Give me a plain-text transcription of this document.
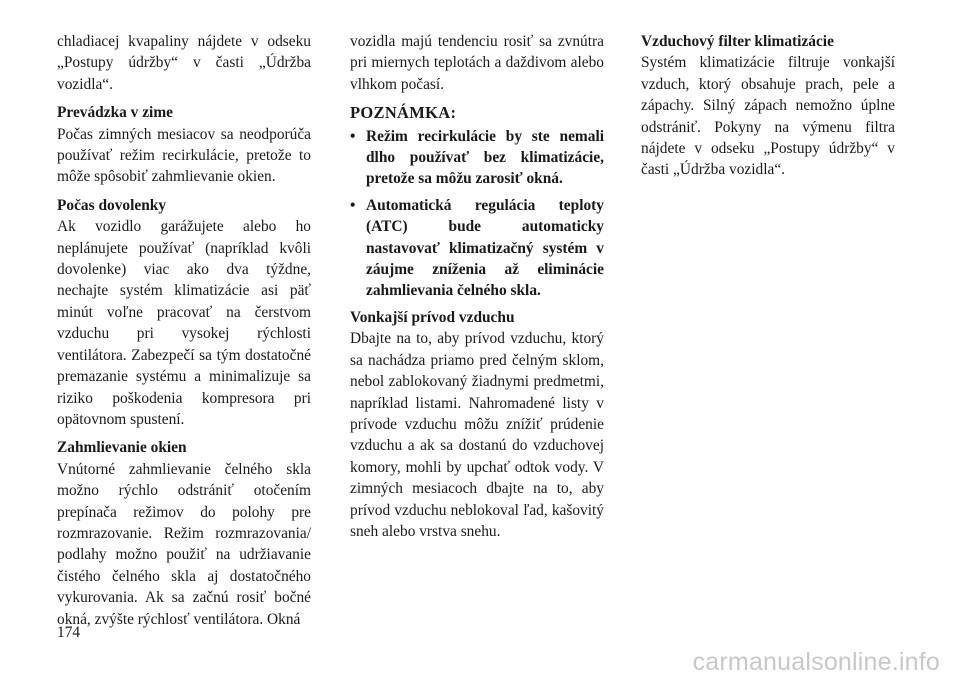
chladiacej kvapaliny nájdete v odseku „Postupy údržby“ v časti „Údržba vozidla“.

Prevádzka v zime
Počas zimných mesiacov sa neodporúča používať režim recirkulácie, pretože to môže spôsobiť zahmlievanie okien.

Počas dovolenky
Ak vozidlo garážujete alebo ho neplánujete používať (napríklad kvôli dovolenke) viac ako dva týždne, nechajte systém klimatizácie asi päť minút voľne pracovať na čerstvom vzduchu pri vysokej rýchlosti ventilátora. Zabezpečí sa tým dostatočné premazanie systému a minimalizuje sa riziko poškodenia kompresora pri opätovnom spustení.

Zahmlievanie okien
Vnútorné zahmlievanie čelného skla možno rýchlo odstrániť otočením prepínača režimov do polohy pre rozmrazovanie. Režim rozmrazovania/ podlahy možno použiť na udržiavanie čistého čelného skla aj dostatočného vykurovania. Ak sa začnú rosiť bočné okná, zvýšte rýchlosť ventilátora. Okná

vozidla majú tendenciu rosiť sa zvnútra pri miernych teplotách a daždivom alebo vlhkom počasí.

POZNÁMKA:
• Režim recirkulácie by ste nemali dlho používať bez klimatizácie, pretože sa môžu zarosiť okná.
• Automatická regulácia teploty (ATC) bude automaticky nastavovať klimatizačný systém v záujme zníženia až eliminácie zahmlievania čelného skla.

Vonkajší prívod vzduchu
Dbajte na to, aby prívod vzduchu, ktorý sa nachádza priamo pred čelným sklom, nebol zablokovaný žiadnymi predmetmi, napríklad listami. Nahromadené listy v prívode vzduchu môžu znížiť prúdenie vzduchu a ak sa dostanú do vzduchovej komory, mohli by upchať odtok vody. V zimných mesiacoch dbajte na to, aby prívod vzduchu neblokoval ľad, kašovitý sneh alebo vrstva snehu.

Vzduchový filter klimatizácie
Systém klimatizácie filtruje vonkajší vzduch, ktorý obsahuje prach, pele a zápachy. Silný zápach nemožno úplne odstrániť. Pokyny na výmenu filtra nájdete v odseku „Postupy údržby“ v časti „Údržba vozidla“.

174
carmanualsonline.info
